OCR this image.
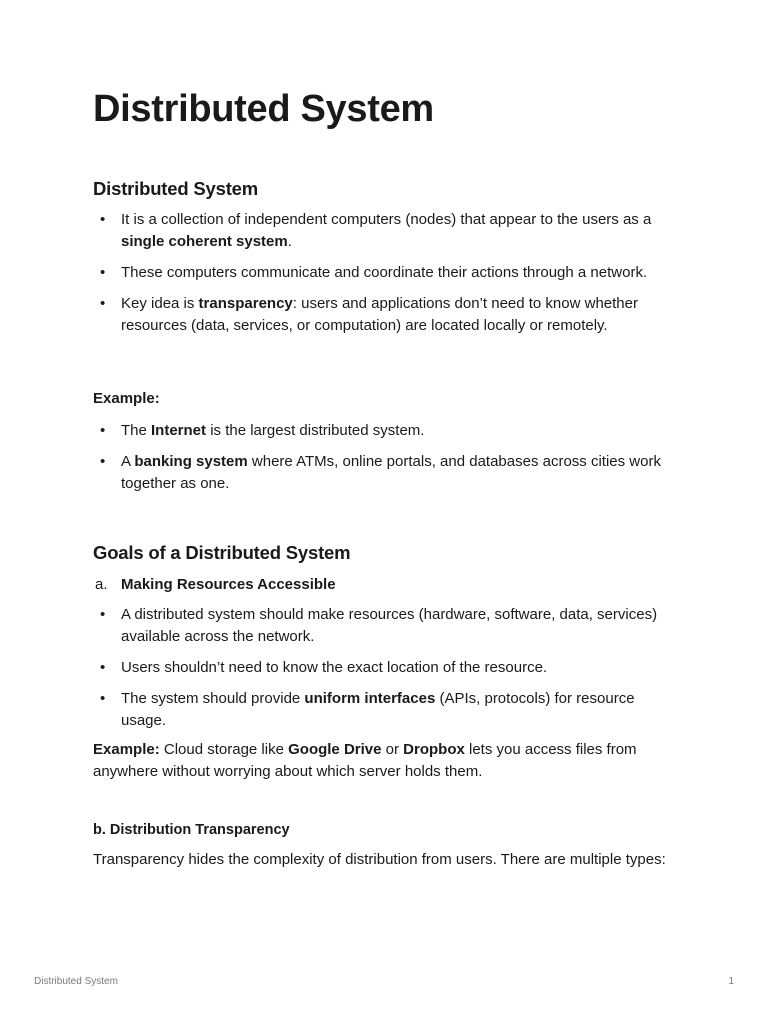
Distributed System
Distributed System
• It is a collection of independent computers (nodes) that appear to the users as a single coherent system.
• These computers communicate and coordinate their actions through a network.
• Key idea is transparency: users and applications don’t need to know whether resources (data, services, or computation) are located locally or remotely.

Example:

• The Internet is the largest distributed system.
• A banking system where ATMs, online portals, and databases across cities work together as one.
Goals of a Distributed System
a. Making Resources Accessible
• A distributed system should make resources (hardware, software, data, services) available across the network.
• Users shouldn’t need to know the exact location of the resource.
• The system should provide uniform interfaces (APIs, protocols) for resource usage.

Example: Cloud storage like Google Drive or Dropbox lets you access files from anywhere without worrying about which server holds them.

b. Distribution Transparency

Transparency hides the complexity of distribution from users. There are multiple types:

Distributed System	1
